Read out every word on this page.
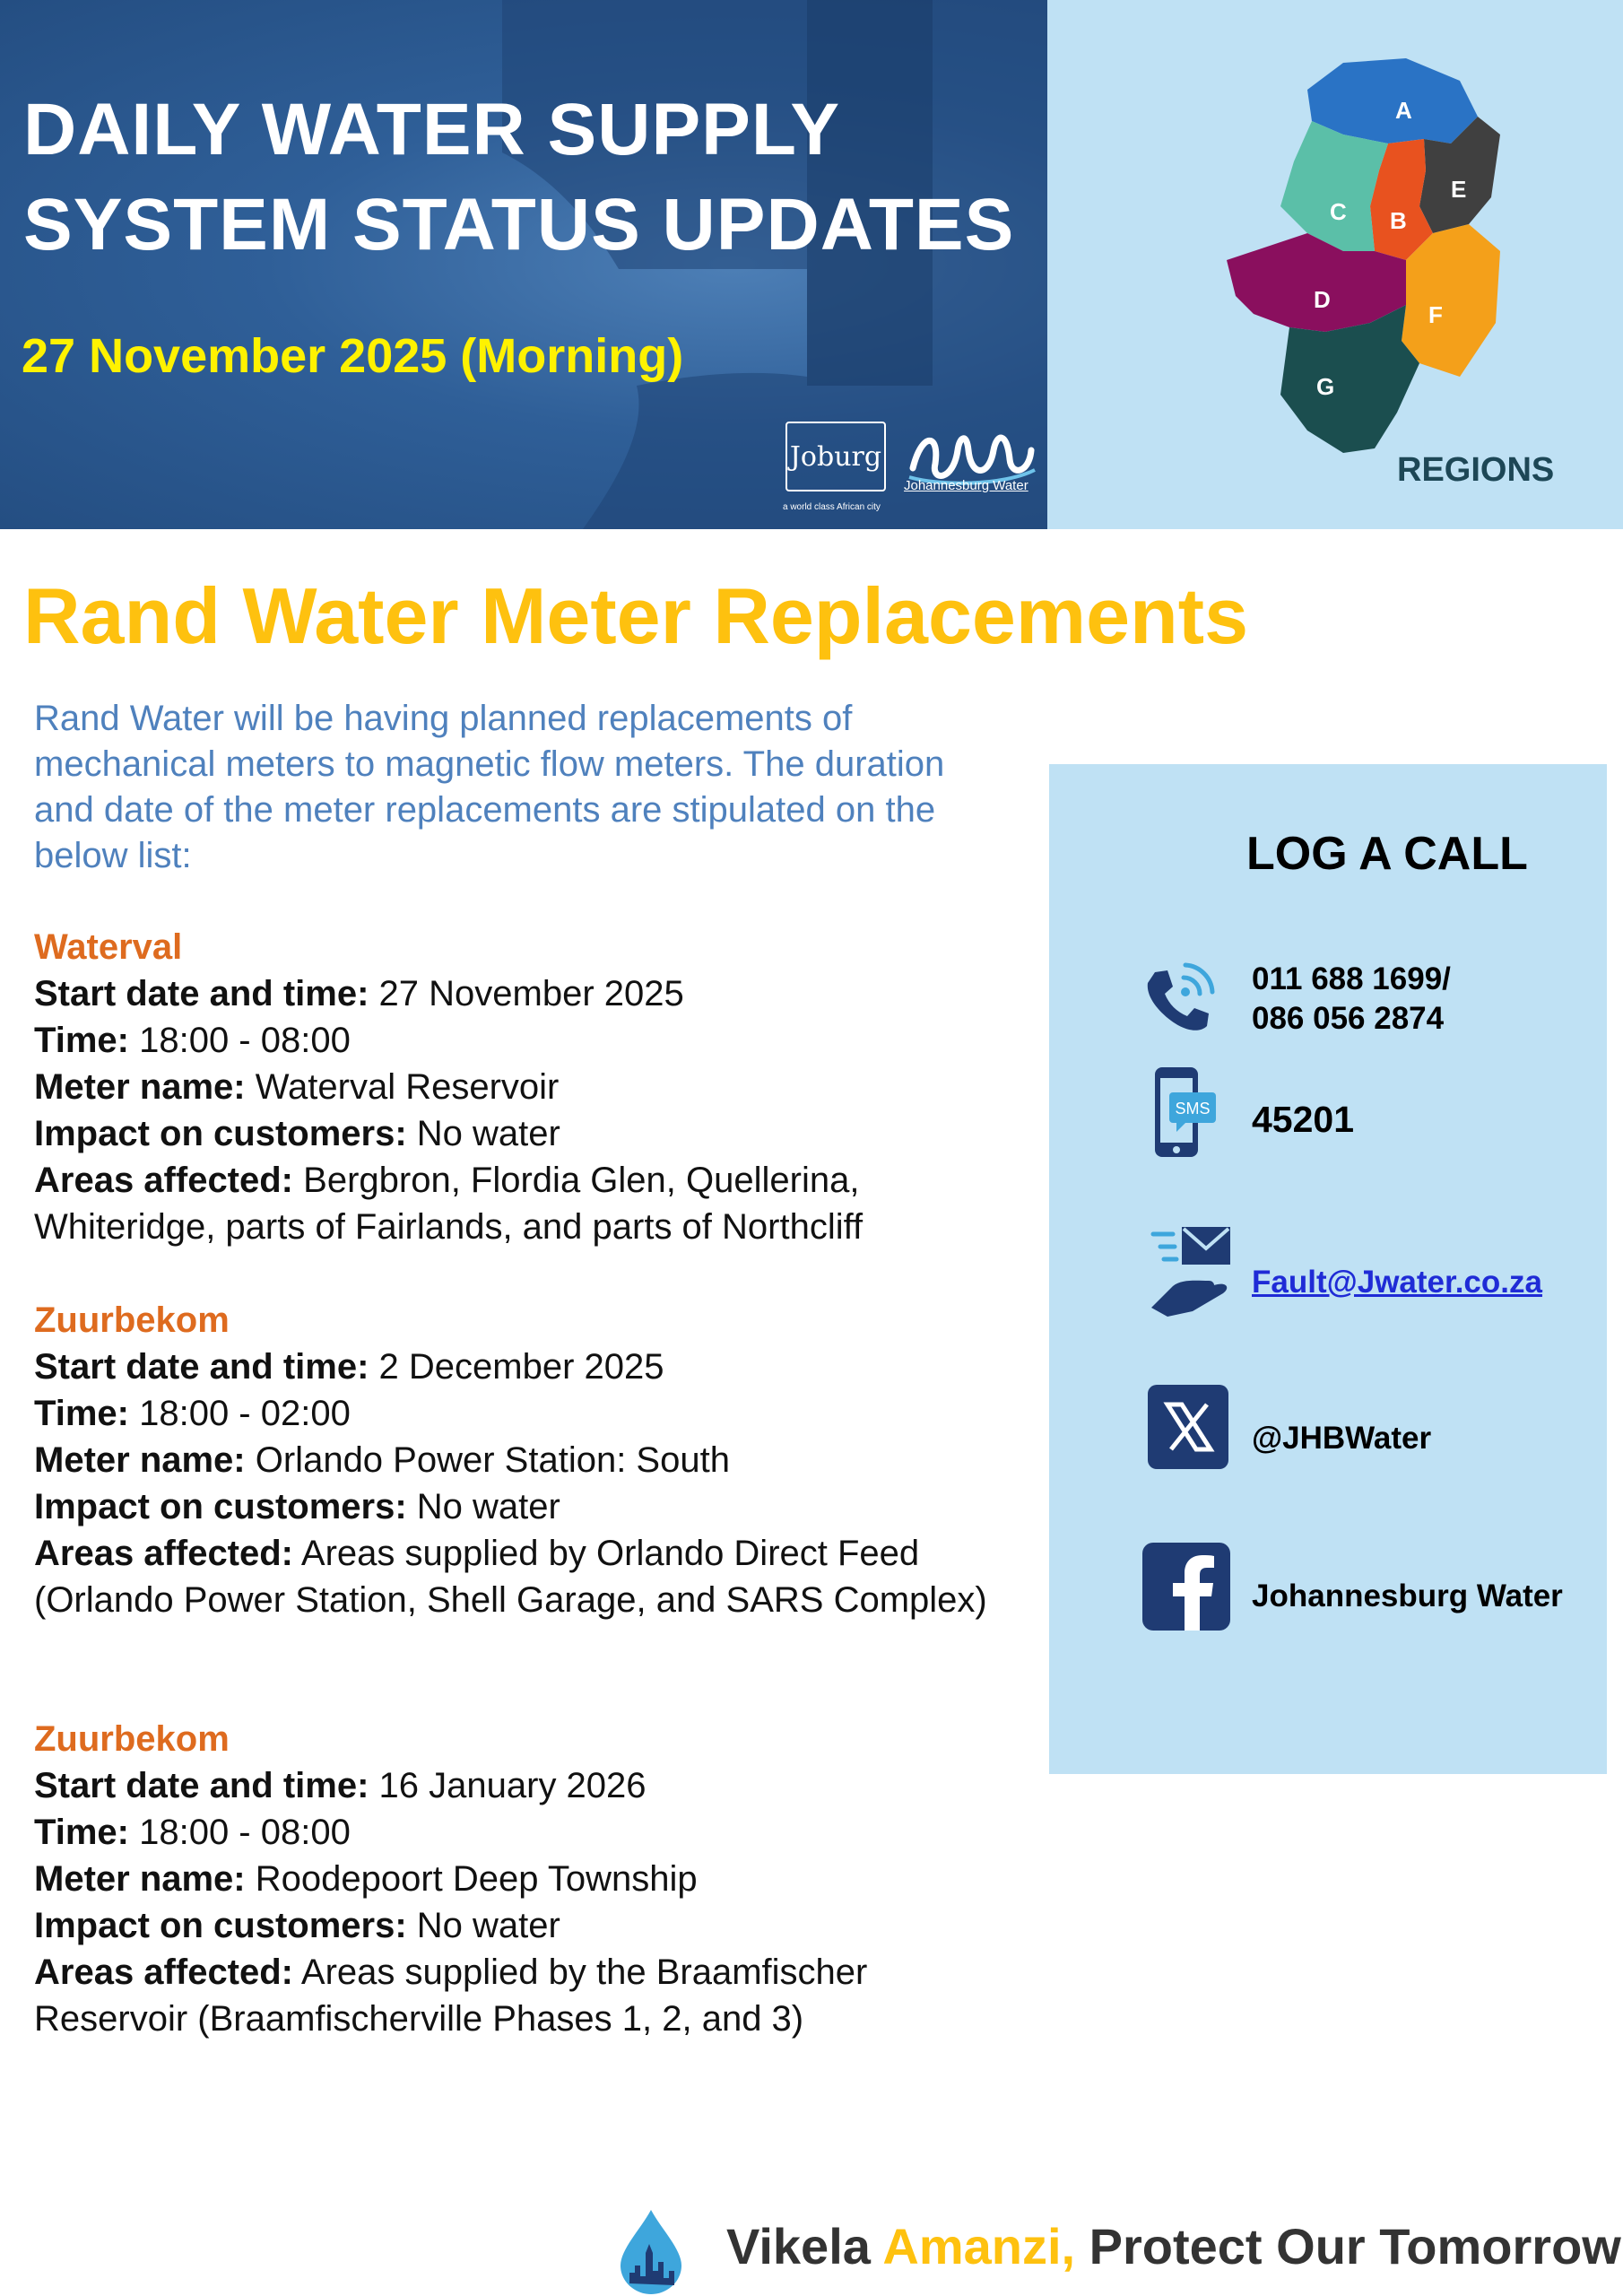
DAILY WATER SUPPLY
SYSTEM STATUS UPDATES
27 November 2025 (Morning)
Joburg
a world class African city
Johannesburg Water
A
E
B
C
F
D
G
REGIONS
Rand Water Meter Replacements
Rand Water will be having planned replacements of mechanical meters to magnetic flow meters. The duration and date of the meter replacements are stipulated on the below list:
Waterval
Start date and time: 27 November 2025
Time: 18:00 - 08:00
Meter name: Waterval Reservoir
Impact on customers: No water
Areas affected: Bergbron, Flordia Glen, Quellerina, Whiteridge, parts of Fairlands, and parts of Northcliff
Zuurbekom
Start date and time: 2 December 2025
Time: 18:00 - 02:00
Meter name: Orlando Power Station: South
Impact on customers: No water
Areas affected: Areas supplied by Orlando Direct Feed (Orlando Power Station, Shell Garage, and SARS Complex)
Zuurbekom
Start date and time: 16 January 2026
Time: 18:00 - 08:00
Meter name: Roodepoort Deep Township
Impact on customers: No water
Areas affected: Areas supplied by the Braamfischer Reservoir (Braamfischerville Phases 1, 2, and 3)
LOG A CALL
011 688 1699/
086 056 2874
SMS 45201
Fault@Jwater.co.za
@JHBWater
Johannesburg Water
Vikela Amanzi, Protect Our Tomorrow
